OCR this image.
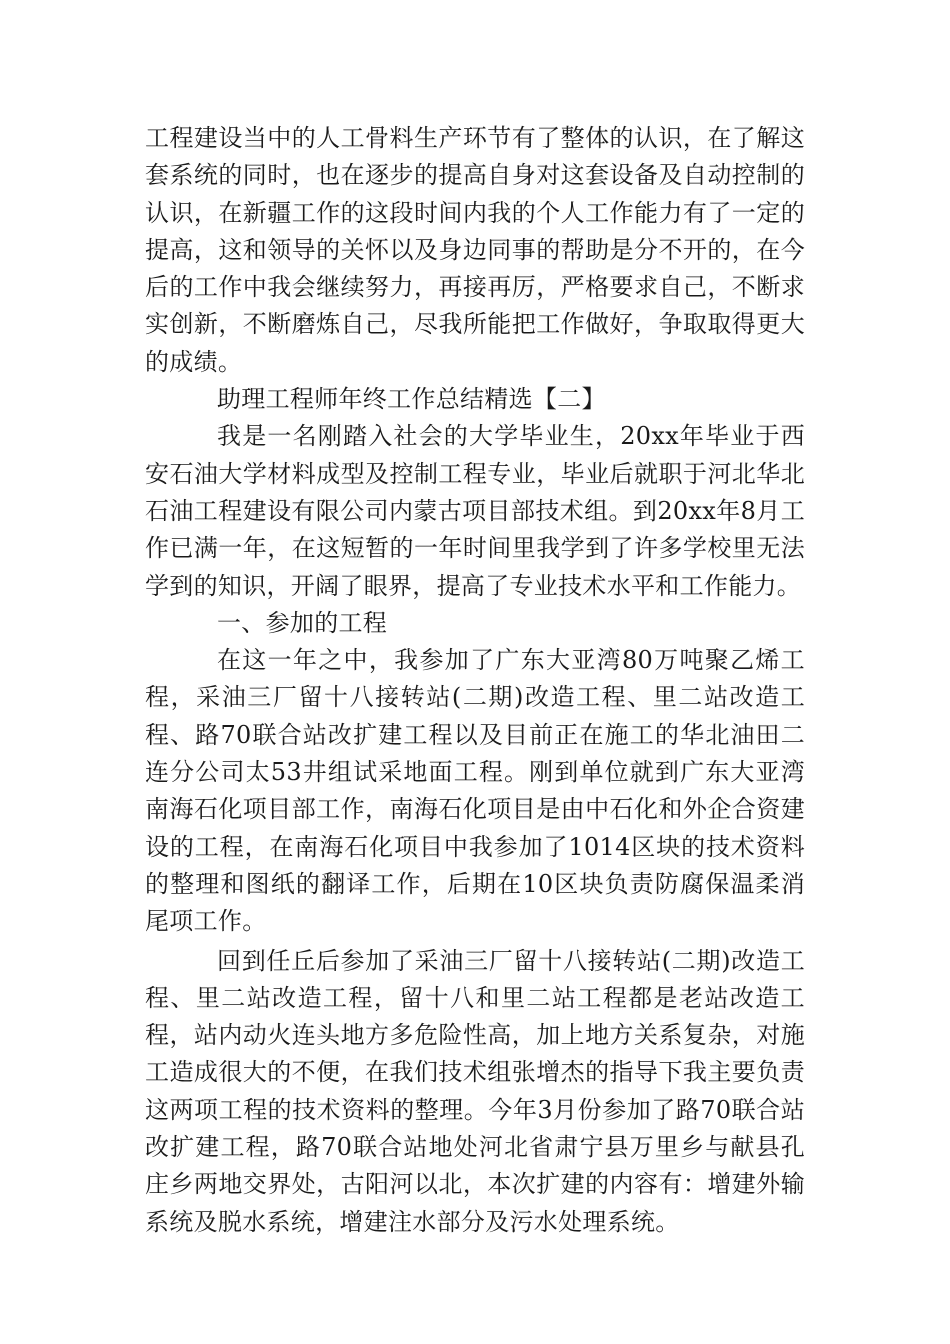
工程建设当中的人工骨料生产环节有了整体的认识，在了解这套系统的同时，也在逐步的提高自身对这套设备及自动控制的认识，在新疆工作的这段时间内我的个人工作能力有了一定的提高，这和领导的关怀以及身边同事的帮助是分不开的，在今后的工作中我会继续努力，再接再厉，严格要求自己，不断求实创新，不断磨炼自己，尽我所能把工作做好，争取取得更大的成绩。

助理工程师年终工作总结精选【二】

我是一名刚踏入社会的大学毕业生，20xx年毕业于西安石油大学材料成型及控制工程专业，毕业后就职于河北华北石油工程建设有限公司内蒙古项目部技术组。到20xx年8月工作已满一年，在这短暂的一年时间里我学到了许多学校里无法学到的知识，开阔了眼界，提高了专业技术水平和工作能力。

一、参加的工程

在这一年之中，我参加了广东大亚湾80万吨聚乙烯工程，采油三厂留十八接转站(二期)改造工程、里二站改造工程、路70联合站改扩建工程以及目前正在施工的华北油田二连分公司太53井组试采地面工程。刚到单位就到广东大亚湾南海石化项目部工作，南海石化项目是由中石化和外企合资建设的工程，在南海石化项目中我参加了1014区块的技术资料的整理和图纸的翻译工作，后期在10区块负责防腐保温柔消尾项工作。

回到任丘后参加了采油三厂留十八接转站(二期)改造工程、里二站改造工程，留十八和里二站工程都是老站改造工程，站内动火连头地方多危险性高，加上地方关系复杂，对施工造成很大的不便，在我们技术组张增杰的指导下我主要负责这两项工程的技术资料的整理。今年3月份参加了路70联合站改扩建工程，路70联合站地处河北省肃宁县万里乡与献县孔庄乡两地交界处，古阳河以北，本次扩建的内容有：增建外输系统及脱水系统，增建注水部分及污水处理系统。
